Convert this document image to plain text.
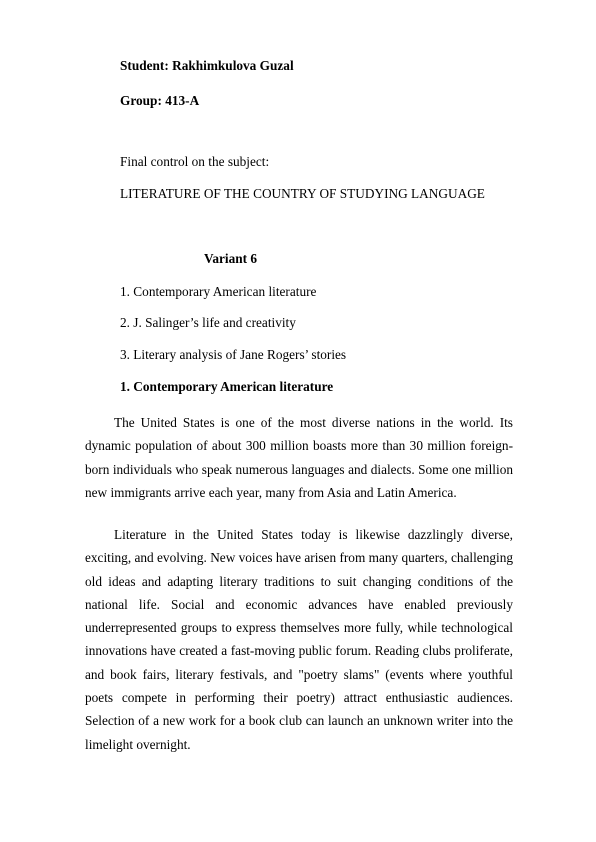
Student: Rakhimkulova Guzal
Group: 413-A
Final control on the subject:
LITERATURE OF THE COUNTRY OF STUDYING LANGUAGE
Variant 6
1. Contemporary American literature
2. J. Salinger’s life and creativity
3. Literary analysis of Jane Rogers’ stories
1. Contemporary American literature

The United States is one of the most diverse nations in the world. Its dynamic population of about 300 million boasts more than 30 million foreign-born individuals who speak numerous languages and dialects. Some one million new immigrants arrive each year, many from Asia and Latin America.

Literature in the United States today is likewise dazzlingly diverse, exciting, and evolving. New voices have arisen from many quarters, challenging old ideas and adapting literary traditions to suit changing conditions of the national life. Social and economic advances have enabled previously underrepresented groups to express themselves more fully, while technological innovations have created a fast-moving public forum. Reading clubs proliferate, and book fairs, literary festivals, and "poetry slams" (events where youthful poets compete in performing their poetry) attract enthusiastic audiences. Selection of a new work for a book club can launch an unknown writer into the limelight overnight.
